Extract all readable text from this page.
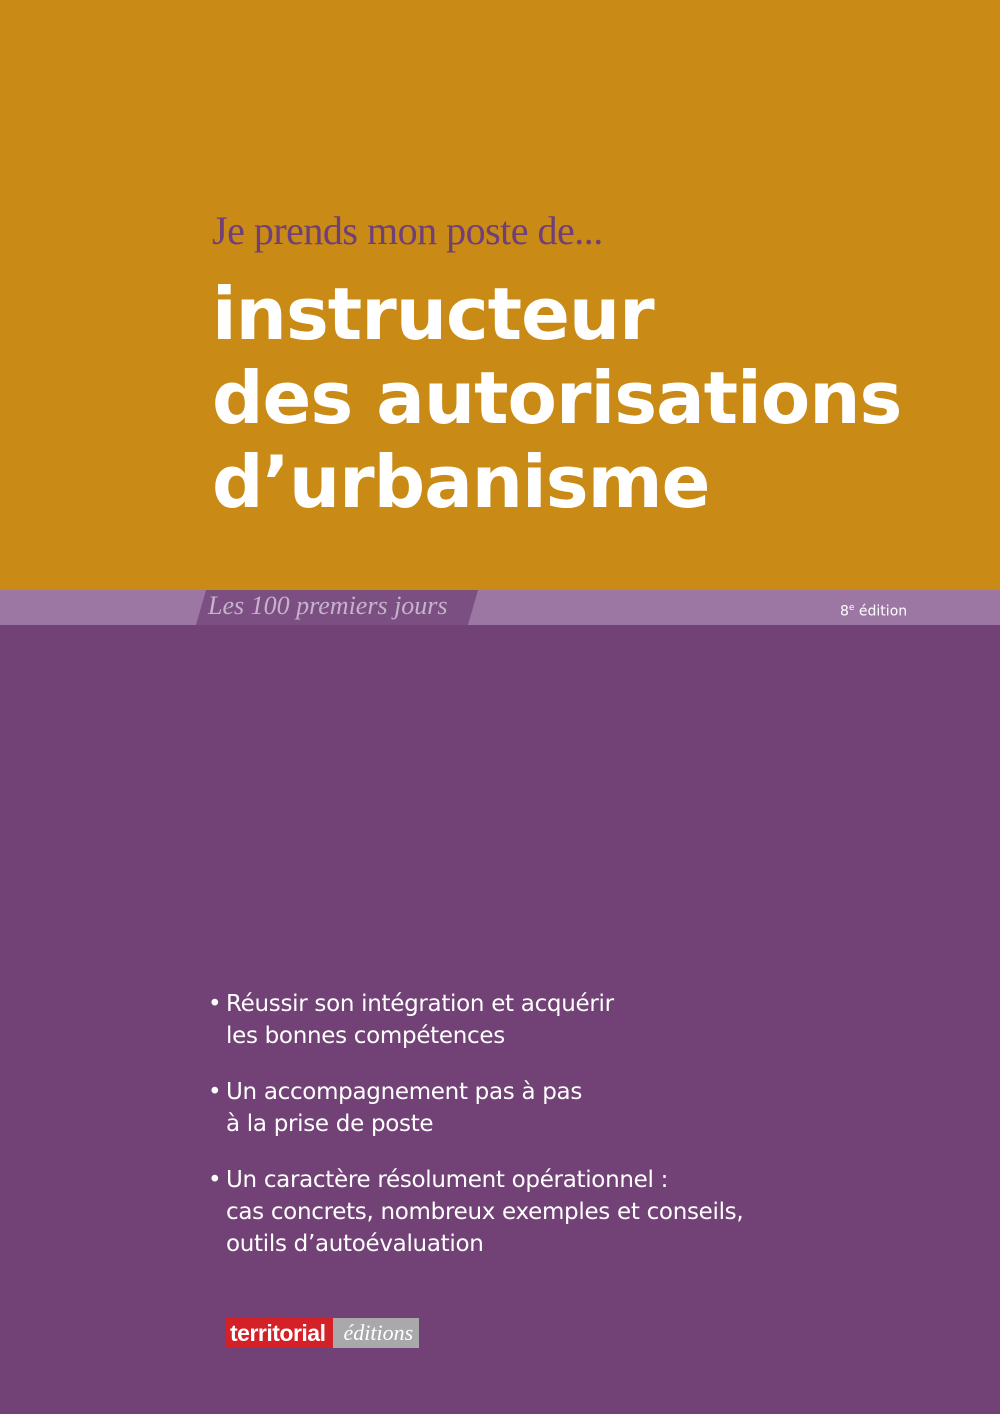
Je prends mon poste de...
instructeur
des autorisations
d’urbanisme
Les 100 premiers jours	8e édition
• Réussir son intégration et acquérir
les bonnes compétences
• Un accompagnement pas à pas
à la prise de poste
• Un caractère résolument opérationnel :
cas concrets, nombreux exemples et conseils,
outils d’autoévaluation
territorial éditions
